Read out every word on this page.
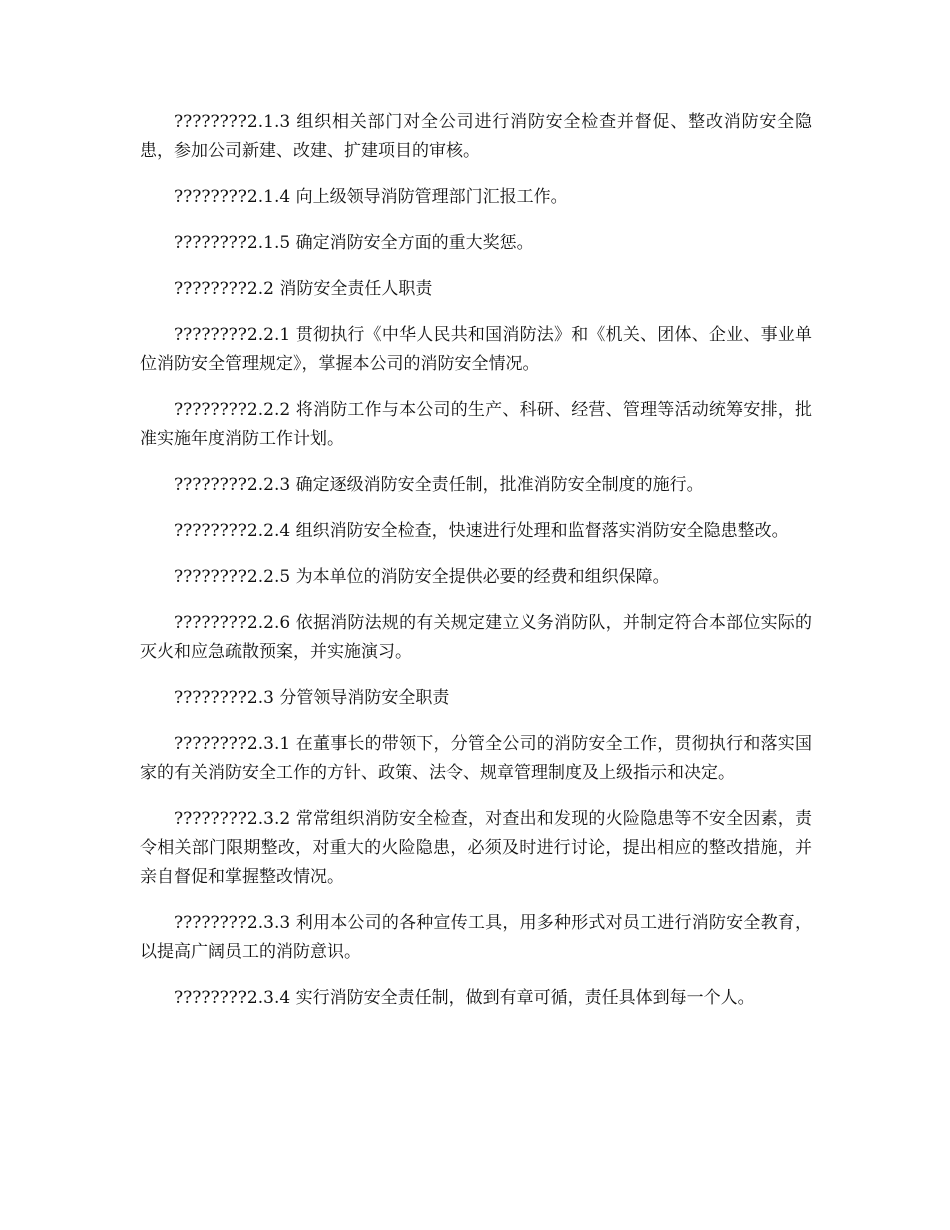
????????2.1.3 组织相关部门对全公司进行消防安全检查并督促、整改消防安全隐患，参加公司新建、改建、扩建项目的审核。

????????2.1.4 向上级领导消防管理部门汇报工作。

????????2.1.5 确定消防安全方面的重大奖惩。

????????2.2 消防安全责任人职责

????????2.2.1 贯彻执行《中华人民共和国消防法》和《机关、团体、企业、事业单位消防安全管理规定》，掌握本公司的消防安全情况。

????????2.2.2 将消防工作与本公司的生产、科研、经营、管理等活动统筹安排，批准实施年度消防工作计划。

????????2.2.3 确定逐级消防安全责任制，批准消防安全制度的施行。

????????2.2.4 组织消防安全检查，快速进行处理和监督落实消防安全隐患整改。

????????2.2.5 为本单位的消防安全提供必要的经费和组织保障。

????????2.2.6 依据消防法规的有关规定建立义务消防队，并制定符合本部位实际的灭火和应急疏散预案，并实施演习。

????????2.3 分管领导消防安全职责

????????2.3.1 在董事长的带领下，分管全公司的消防安全工作，贯彻执行和落实国家的有关消防安全工作的方针、政策、法令、规章管理制度及上级指示和决定。

????????2.3.2 常常组织消防安全检查，对查出和发现的火险隐患等不安全因素，责令相关部门限期整改，对重大的火险隐患，必须及时进行讨论，提出相应的整改措施，并亲自督促和掌握整改情况。

????????2.3.3 利用本公司的各种宣传工具，用多种形式对员工进行消防安全教育，以提高广阔员工的消防意识。

????????2.3.4 实行消防安全责任制，做到有章可循，责任具体到每一个人。
